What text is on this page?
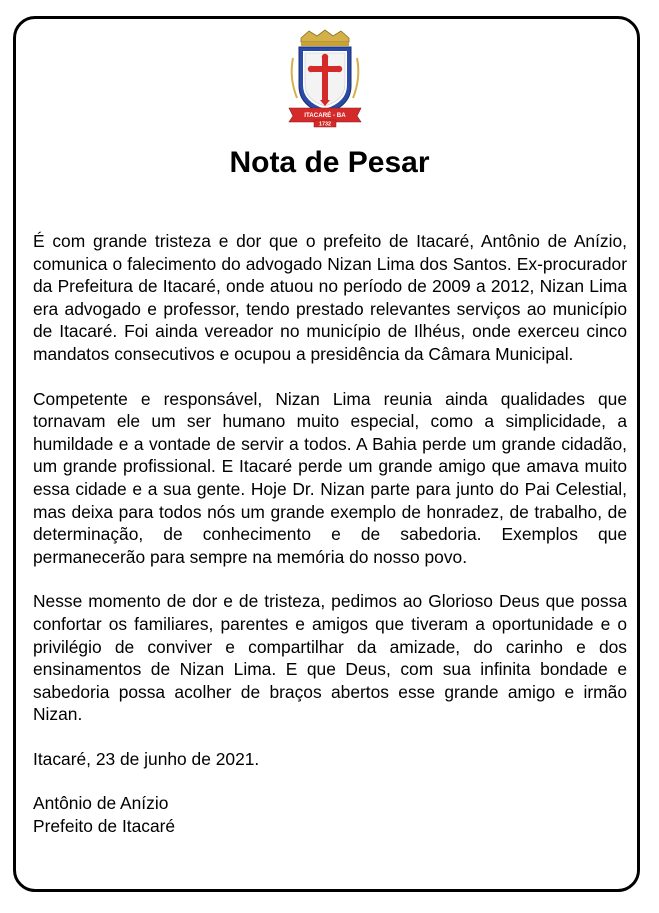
ITACARÉ - BA
1732
Nota de Pesar

É com grande tristeza e dor que o prefeito de Itacaré, Antônio de Anízio, comunica o falecimento do advogado Nizan Lima dos Santos. Ex-procurador da Prefeitura de Itacaré, onde atuou no período de 2009 a 2012, Nizan Lima era advogado e professor, tendo prestado relevantes serviços ao município de Itacaré. Foi ainda vereador no município de Ilhéus, onde exerceu cinco mandatos consecutivos e ocupou a presidência da Câmara Municipal.

Competente e responsável, Nizan Lima reunia ainda qualidades que tornavam ele um ser humano muito especial, como a simplicidade, a humildade e a vontade de servir a todos. A Bahia perde um grande cidadão, um grande profissional. E Itacaré perde um grande amigo que amava muito essa cidade e a sua gente. Hoje Dr. Nizan parte para junto do Pai Celestial, mas deixa para todos nós um grande exemplo de honradez, de trabalho, de determinação, de conhecimento e de sabedoria. Exemplos que permanecerão para sempre na memória do nosso povo.

Nesse momento de dor e de tristeza, pedimos ao Glorioso Deus que possa confortar os familiares, parentes e amigos que tiveram a oportunidade e o privilégio de conviver e compartilhar da amizade, do carinho e dos ensinamentos de Nizan Lima. E que Deus, com sua infinita bondade e sabedoria possa acolher de braços abertos esse grande amigo e irmão Nizan.

Itacaré, 23 de junho de 2021.

Antônio de Anízio
Prefeito de Itacaré
